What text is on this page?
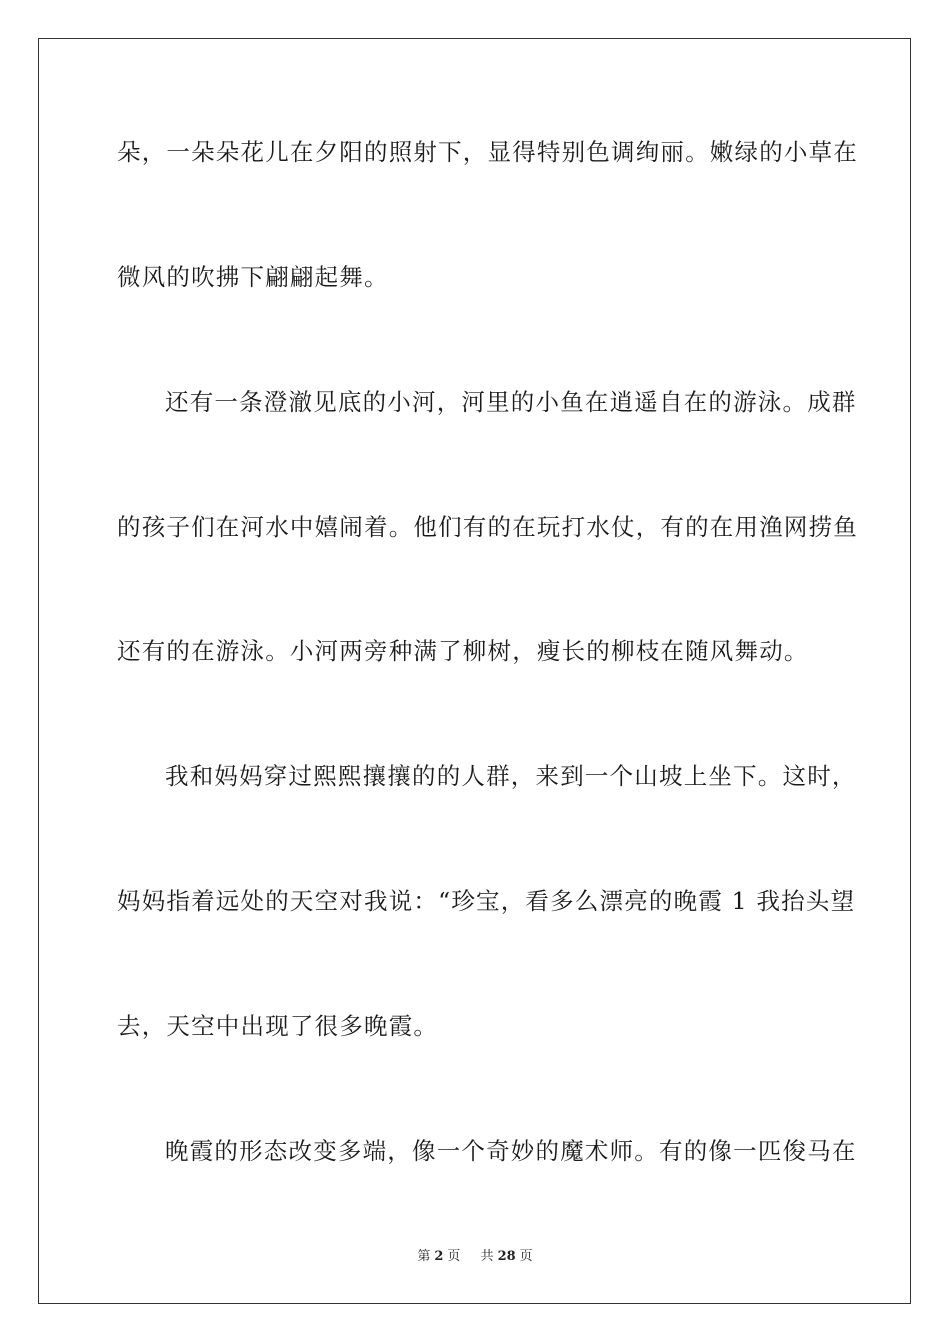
朵，一朵朵花儿在夕阳的照射下，显得特别色调绚丽。嫩绿的小草在
微风的吹拂下翩翩起舞。
还有一条澄澈见底的小河，河里的小鱼在逍遥自在的游泳。成群
的孩子们在河水中嬉闹着。他们有的在玩打水仗，有的在用渔网捞鱼
还有的在游泳。小河两旁种满了柳树，瘦长的柳枝在随风舞动。
我和妈妈穿过熙熙攘攘的的人群，来到一个山坡上坐下。这时，
妈妈指着远处的天空对我说：“珍宝，看多么漂亮的晚霞 1 我抬头望
去，天空中出现了很多晚霞。
晚霞的形态改变多端，像一个奇妙的魔术师。有的像一匹俊马在
第 2 页 共 28 页
